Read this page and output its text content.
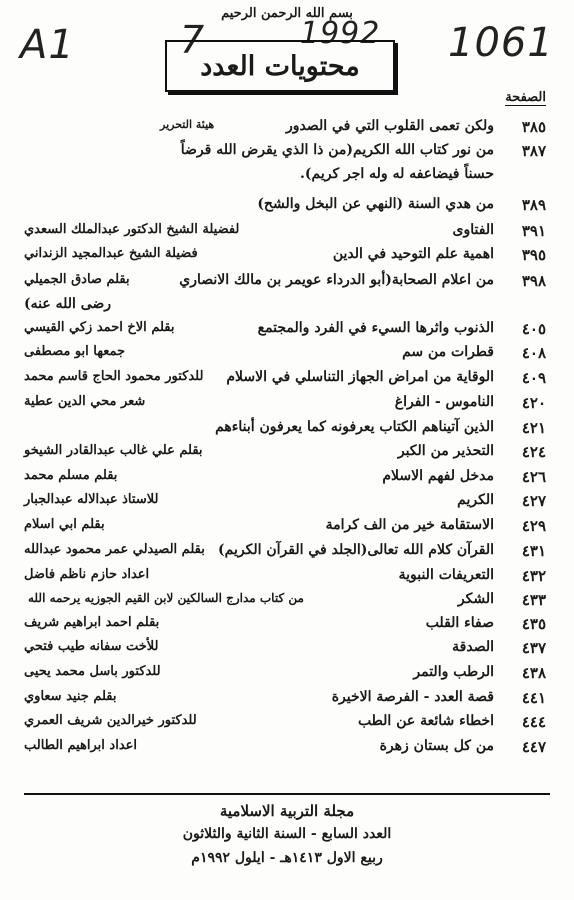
بسم الله الرحمن الرحيم
A1	7	1992 1061
محتويات العدد
الصفحة
٣٨٥
ولكن تعمى القلوب التي في الصدور
هيئة التحرير
٣٨٧
من نور كتاب الله الكريم(من ذا الذي يقرض الله قرضاً
حسناً فيضاعفه له وله اجر كريم).
٣٨٩
من هدي السنة (النهي عن البخل والشح)
٣٩١
الفتاوى
لفضيلة الشيخ الدكتور عبدالملك السعدي
٣٩٥
اهمية علم التوحيد في الدين
فضيلة الشيخ عبدالمجيد الزنداني
٣٩٨
من اعلام الصحابة(أبو الدرداء عويمر بن مالك الانصاري
بقلم صادق الجميلي
رضى الله عنه)
٤٠٥
الذنوب واثرها السيء في الفرد والمجتمع
بقلم الاخ احمد زكي القيسي
٤٠٨
قطرات من سم
جمعها ابو مصطفى
٤٠٩
الوقاية من امراض الجهاز التناسلي في الاسلام
للدكتور محمود الحاج قاسم محمد
٤٢٠
الناموس - الفراغ
شعر محي الدين عطية
٤٢١
الذين آتيناهم الكتاب يعرفونه كما يعرفون أبناءهم
٤٢٤
التحذير من الكبر
بقلم علي غالب عبدالقادر الشيخو
٤٢٦
مدخل لفهم الاسلام
بقلم مسلم محمد
٤٢٧
الكريم
للاستاذ عبدالاله عبدالجبار
٤٢٩
الاستقامة خير من الف كرامة
بقلم ابي اسلام
٤٣١
القرآن كلام الله تعالى(الجلد في القرآن الكريم)
بقلم الصيدلي عمر محمود عبدالله
٤٣٢
التعريفات النبوية
اعداد حازم ناظم فاضل
٤٣٣
الشكر
من كتاب مدارج السالكين لابن القيم الجوزيه يرحمه الله
٤٣٥
صفاء القلب
بقلم احمد ابراهيم شريف
٤٣٧
الصدقة
للأخت سفانه طيب فتحي
٤٣٨
الرطب والتمر
للدكتور باسل محمد يحيى
٤٤١
قصة العدد - الفرصة الاخيرة
بقلم جنيد سعاوي
٤٤٤
اخطاء شائعة عن الطب
للدكتور خيرالدين شريف العمري
٤٤٧
من كل بستان زهرة
اعداد ابراهيم الطالب
مجلة التربية الاسلامية
العدد السابع - السنة الثانية والثلاثون
ربيع الاول ١٤١٣هـ - ايلول ١٩٩٢م
